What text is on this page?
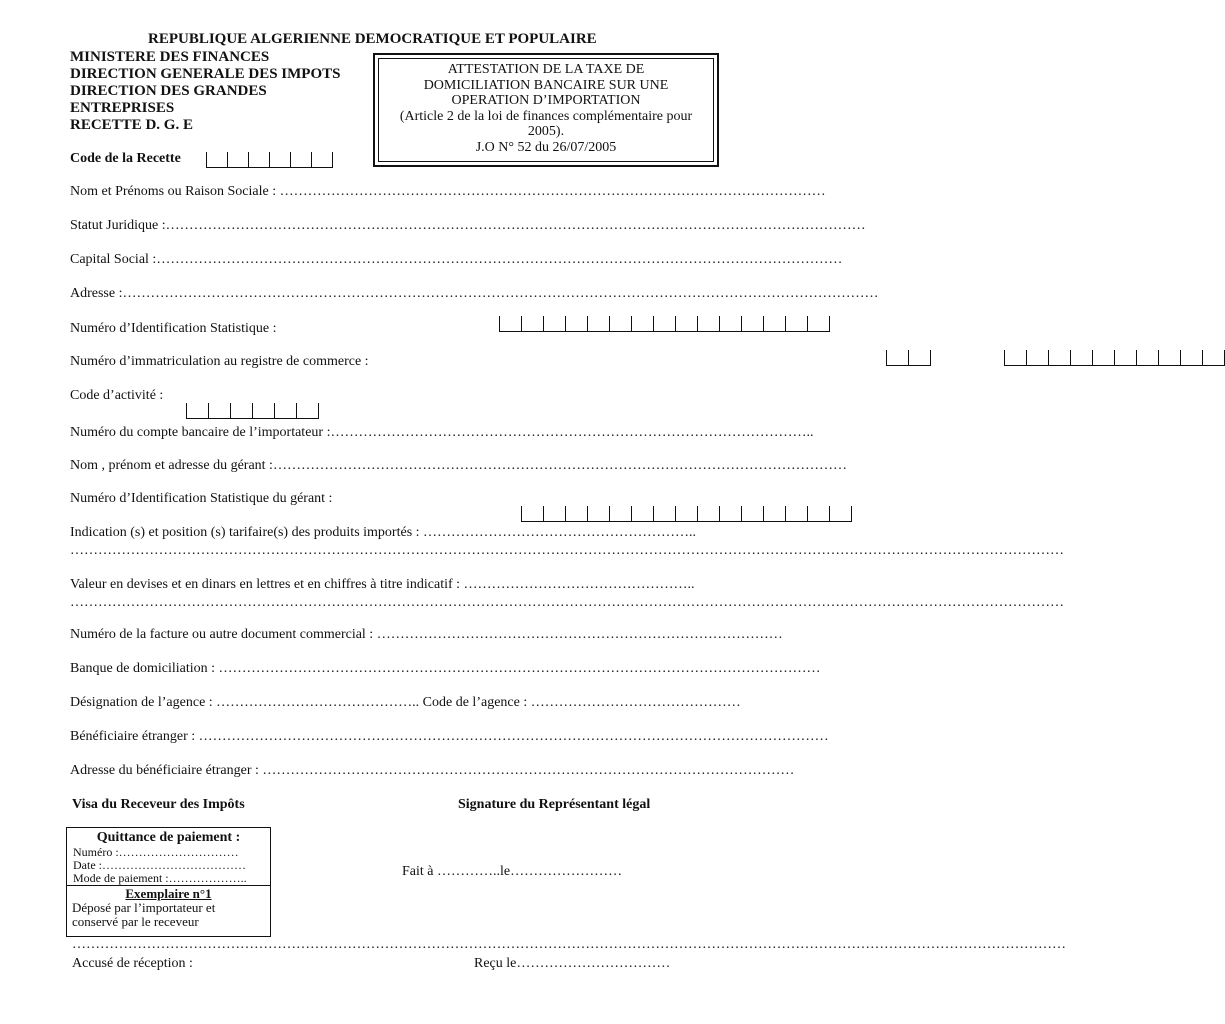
REPUBLIQUE ALGERIENNE DEMOCRATIQUE ET POPULAIRE
MINISTERE DES FINANCES
DIRECTION GENERALE DES IMPOTS
DIRECTION DES GRANDES
ENTREPRISES
RECETTE D. G. E
ATTESTATION DE LA TAXE DE
DOMICILIATION BANCAIRE SUR UNE
OPERATION D’IMPORTATION
(Article 2 de la loi de finances complémentaire pour
2005).
J.O N° 52 du 26/07/2005
Code de la Recette

Nom et Prénoms ou Raison Sociale : ………………………………………………………………………………………………………
Statut Juridique :……………………………………………………………………………………………………………………………………
Capital Social :…………………………………………………………………………………………………………………………………
Adresse :………………………………………………………………………………………………………………………………………………
Numéro d’Identification Statistique :

Numéro d’immatriculation au registre de commerce :

Code d’activité :

Numéro du compte bancaire de l’importateur :…………………………………………………………………………………………..
Nom , prénom et adresse du gérant :……………………………………………………………………………………………………………
Numéro d’Identification Statistique du gérant :
Indication (s) et position (s) tarifaire(s) des produits importés : …………………………………………………..
……………………………………………………………………………………………………………………………………………………………………………………………
Valeur en devises et en dinars en lettres et en chiffres à titre indicatif : …………………………………………..
……………………………………………………………………………………………………………………………………………………………………………………………
Numéro de la facture ou autre document commercial : ……………………………………………………………………………
Banque de domiciliation : …………………………………………………………………………………………………………………
Désignation de l’agence : …………………………………….. Code de l’agence : ………………………………………
Bénéficiaire étranger : ………………………………………………………………………………………………………………………
Adresse du bénéficiaire étranger : ……………………………………………………………………………………………………
Visa du Receveur des Impôts	Signature du Représentant légal
Quittance de paiement :
Numéro :…………………………
Date :………………………………
Mode de paiement :………………..
Exemplaire n°1
Déposé par l’importateur et
conservé par le receveur
Fait à …………..le……………………
……………………………………………………………………………………………………………………………………………………………………………………………
Accusé de réception :	Reçu le……………………………
